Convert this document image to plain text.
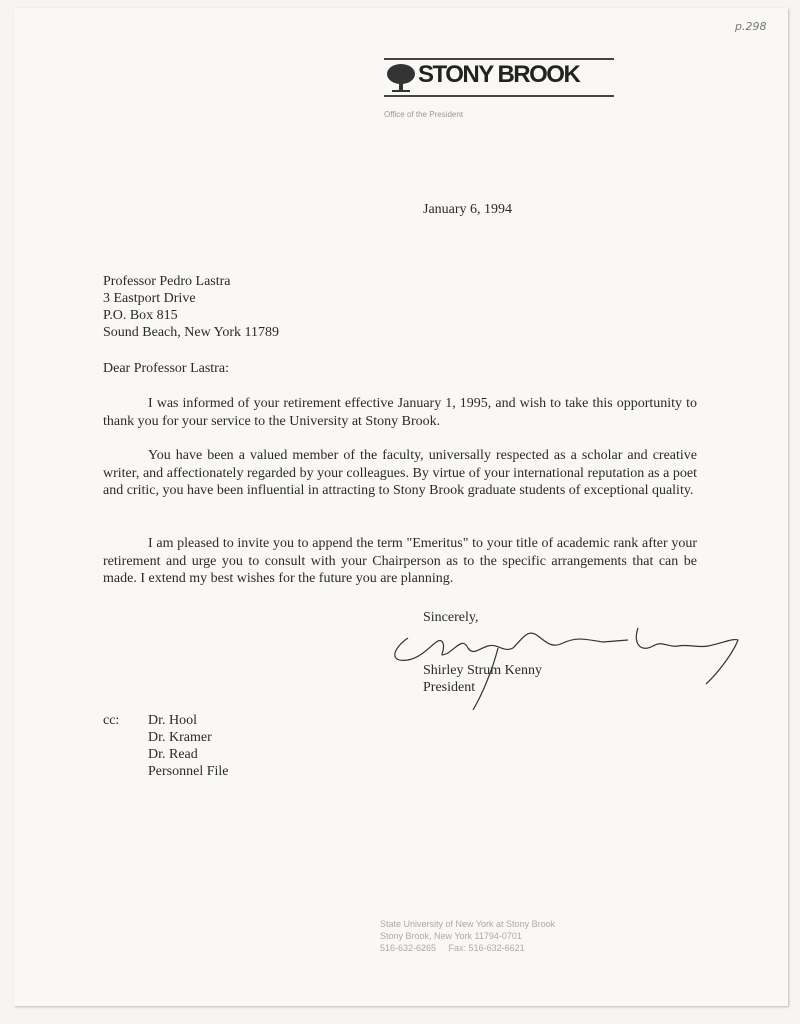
p.298
STONY BROOK
Office of the President
January 6, 1994
Professor Pedro Lastra
3 Eastport Drive
P.O. Box 815
Sound Beach, New York 11789
Dear Professor Lastra:
I was informed of your retirement effective January 1, 1995, and wish to take this opportunity to thank you for your service to the University at Stony Brook.
You have been a valued member of the faculty, universally respected as a scholar and creative writer, and affectionately regarded by your colleagues. By virtue of your international reputation as a poet and critic, you have been influential in attracting to Stony Brook graduate students of exceptional quality.
I am pleased to invite you to append the term "Emeritus" to your title of academic rank after your retirement and urge you to consult with your Chairperson as to the specific arrangements that can be made. I extend my best wishes for the future you are planning.
Sincerely,
Shirley Strum Kenny
President
cc: Dr. Hool
Dr. Kramer
Dr. Read
Personnel File
State University of New York at Stony Brook
Stony Brook, New York 11794-0701
516-632-6265     Fax: 516-632-6621
